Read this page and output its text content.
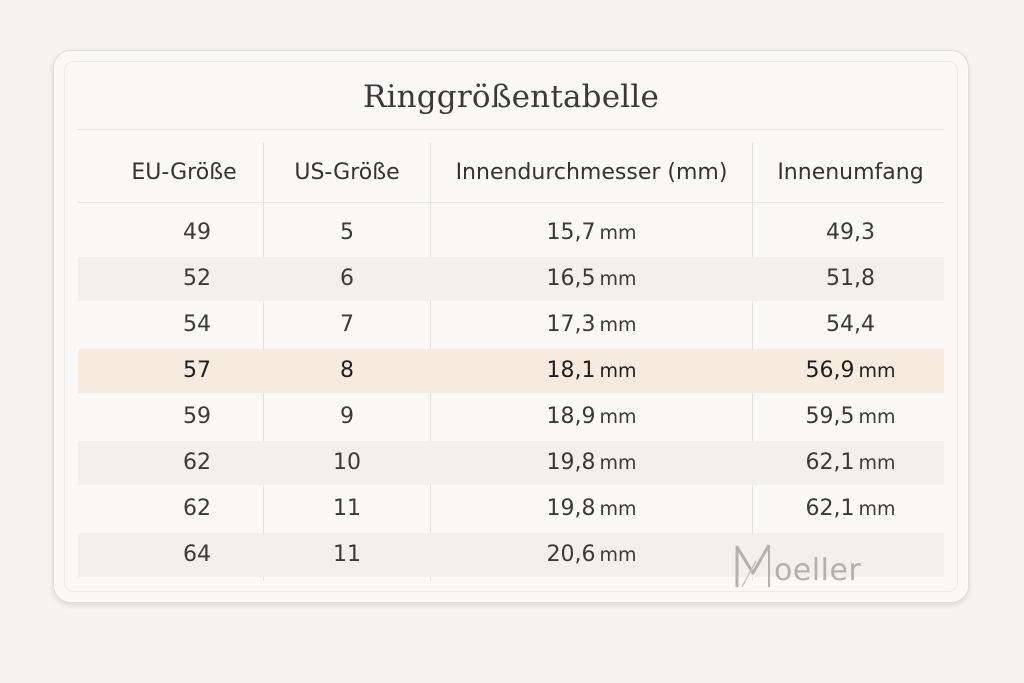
Ringgrößentabelle
EU-Größe	US-Größe	Innendurchmesser (mm)	Innenumfang
49	5	15,7 mm	49,3
52	6	16,5 mm	51,8
54	7	17,3 mm	54,4
57	8	18,1 mm	56,9 mm
59	9	18,9 mm	59,5 mm
62	10	19,8 mm	62,1 mm
62	11	19,8 mm	62,1 mm
64	11	20,6 mm	oeller
